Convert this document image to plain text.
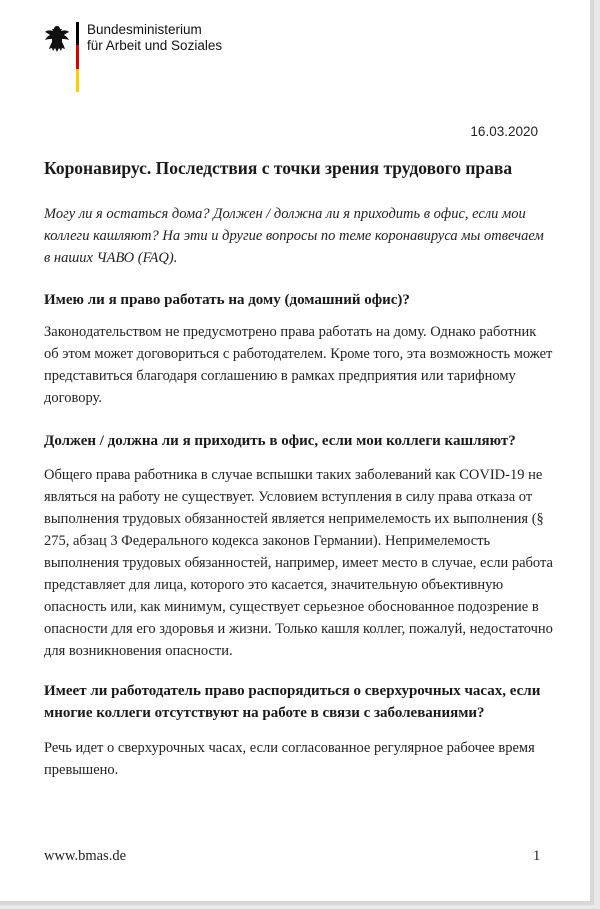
Bundesministerium
für Arbeit und Soziales
16.03.2020
Коронавирус. Последствия с точки зрения трудового права

Могу ли я остаться дома? Должен / должна ли я приходить в офис, если мои коллеги кашляют? На эти и другие вопросы по теме коронавируса мы отвечаем в наших ЧАВО (FAQ).

Имею ли я право работать на дому (домашний офис)?

Законодательством не предусмотрено права работать на дому. Однако работник об этом может договориться с работодателем. Кроме того, эта возможность может представиться благодаря соглашению в рамках предприятия или тарифному договору.

Должен / должна ли я приходить в офис, если мои коллеги кашляют?

Общего права работника в случае вспышки таких заболеваний как COVID-19 не являться на работу не существует. Условием вступления в силу права отказа от выполнения трудовых обязанностей является непримелемость их выполнения (§ 275, абзац 3 Федерального кодекса законов Германии). Непримелемость выполнения трудовых обязанностей, например, имеет место в случае, если работа представляет для лица, которого это касается, значительную объективную опасность или, как минимум, существует серьезное обоснованное подозрение в опасности для его здоровья и жизни. Только кашля коллег, пожалуй, недостаточно для возникновения опасности.

Имеет ли работодатель право распорядиться о сверхурочных часах, если многие коллеги отсутствуют на работе в связи с заболеваниями?

Речь идет о сверхурочных часах, если согласованное регулярное рабочее время превышено.

www.bmas.de	1
